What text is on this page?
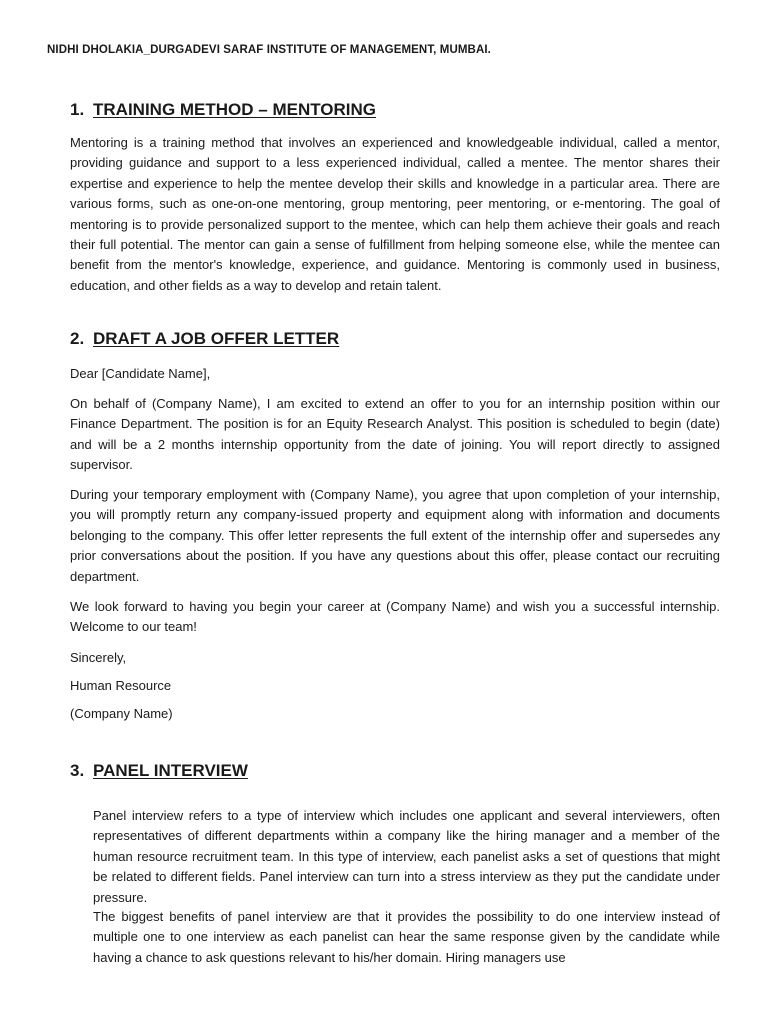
NIDHI DHOLAKIA_DURGADEVI SARAF INSTITUTE OF MANAGEMENT, MUMBAI.
1. TRAINING METHOD – MENTORING
Mentoring is a training method that involves an experienced and knowledgeable individual, called a mentor, providing guidance and support to a less experienced individual, called a mentee. The mentor shares their expertise and experience to help the mentee develop their skills and knowledge in a particular area. There are various forms, such as one-on-one mentoring, group mentoring, peer mentoring, or e-mentoring. The goal of mentoring is to provide personalized support to the mentee, which can help them achieve their goals and reach their full potential. The mentor can gain a sense of fulfillment from helping someone else, while the mentee can benefit from the mentor's knowledge, experience, and guidance. Mentoring is commonly used in business, education, and other fields as a way to develop and retain talent.
2. DRAFT A JOB OFFER LETTER
Dear [Candidate Name],
On behalf of (Company Name), I am excited to extend an offer to you for an internship position within our Finance Department. The position is for an Equity Research Analyst. This position is scheduled to begin (date) and will be a 2 months internship opportunity from the date of joining. You will report directly to assigned supervisor.
During your temporary employment with (Company Name), you agree that upon completion of your internship, you will promptly return any company-issued property and equipment along with information and documents belonging to the company. This offer letter represents the full extent of the internship offer and supersedes any prior conversations about the position. If you have any questions about this offer, please contact our recruiting department.
We look forward to having you begin your career at (Company Name) and wish you a successful internship. Welcome to our team!
Sincerely,
Human Resource
(Company Name)
3. PANEL INTERVIEW
Panel interview refers to a type of interview which includes one applicant and several interviewers, often representatives of different departments within a company like the hiring manager and a member of the human resource recruitment team. In this type of interview, each panelist asks a set of questions that might be related to different fields. Panel interview can turn into a stress interview as they put the candidate under pressure.
The biggest benefits of panel interview are that it provides the possibility to do one interview instead of multiple one to one interview as each panelist can hear the same response given by the candidate while having a chance to ask questions relevant to his/her domain. Hiring managers use
